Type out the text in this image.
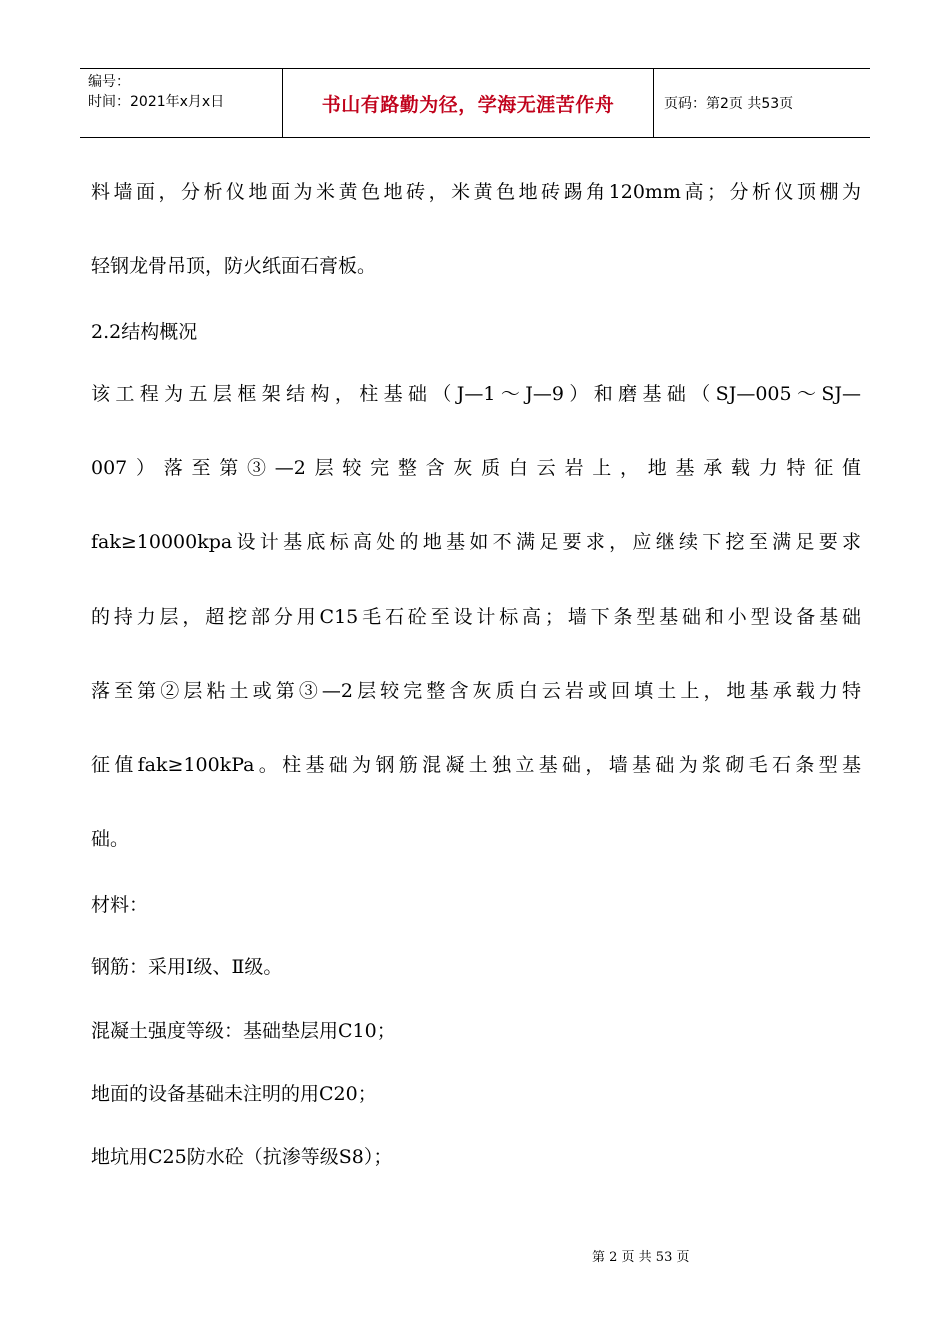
编号：
时间：2021年x月x日	书山有路勤为径，学海无涯苦作舟	页码：第2页 共53页
料墙面，分析仪地面为米黄色地砖，米黄色地砖踢角120mm高；分析仪顶棚为
轻钢龙骨吊顶，防火纸面石膏板。
2.2结构概况
该工程为五层框架结构，柱基础（J—1～J—9）和磨基础（SJ—005～SJ—
007）落至第③—2层较完整含灰质白云岩上，地基承载力特征值
fak≥10000kpa设计基底标高处的地基如不满足要求，应继续下挖至满足要求
的持力层，超挖部分用C15毛石砼至设计标高；墙下条型基础和小型设备基础
落至第②层粘土或第③—2层较完整含灰质白云岩或回填土上，地基承载力特
征值fak≥100kPa。柱基础为钢筋混凝土独立基础，墙基础为浆砌毛石条型基
础。
材料：
钢筋：采用Ⅰ级、Ⅱ级。
混凝土强度等级：基础垫层用C10；
地面的设备基础未注明的用C20；
地坑用C25防水砼（抗渗等级S8）；
第 2 页 共 53 页
